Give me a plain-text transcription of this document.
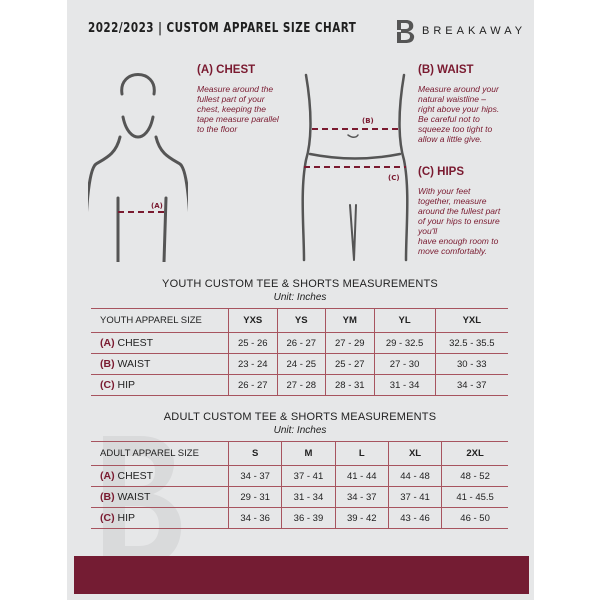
2022/2023 | CUSTOM APPAREL SIZE CHART	BREAKAWAY
(A)
(B)
(C)
(A) CHEST
Measure around the
fullest part of your
chest, keeping the
tape measure parallel
to the floor
(B) WAIST
Measure around your
natural waistline –
right above your hips.
Be careful not to
squeeze too tight to
allow a little give.
(C) HIPS
With your feet
together, measure
around the fullest part
of your hips to ensure
you'll
have enough room to
move comfortably.
YOUTH CUSTOM TEE & SHORTS MEASUREMENTS
Unit: Inches
YOUTH APPAREL SIZE	YXS	YS	YM	YL	YXL
(A) CHEST	25 - 26	26 - 27	27 - 29	29 - 32.5	32.5 - 35.5
(B) WAIST	23 - 24	24 - 25	25 - 27	27 - 30	30 - 33
(C) HIP	26 - 27	27 - 28	28 - 31	31 - 34	34 - 37
ADULT CUSTOM TEE & SHORTS MEASUREMENTS
Unit: Inches
ADULT APPAREL SIZE	S	M	L	XL	2XL
(A) CHEST	34 - 37	37 - 41	41 - 44	44 - 48	48 - 52
(B) WAIST	29 - 31	31 - 34	34 - 37	37 - 41	41 - 45.5
(C) HIP	34 - 36	36 - 39	39 - 42	43 - 46	46 - 50
